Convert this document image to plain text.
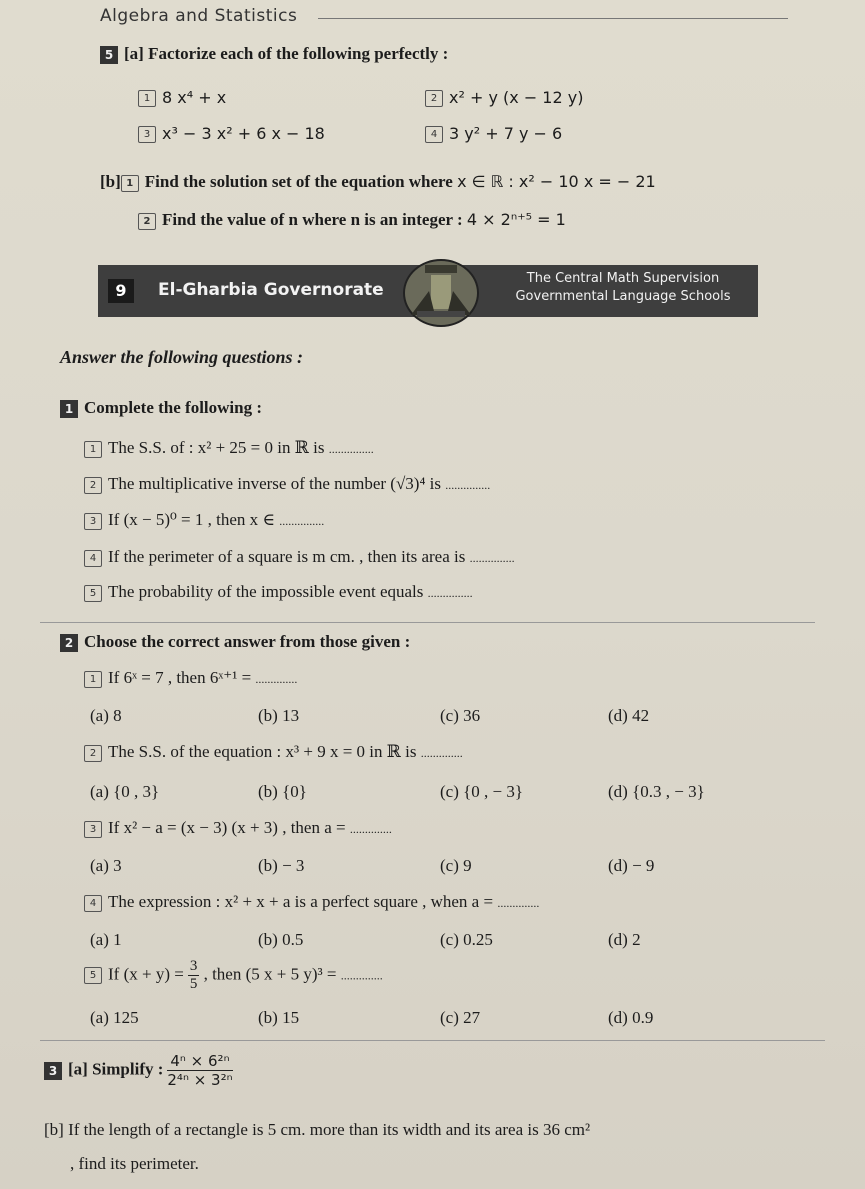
Algebra and Statistics
5 [a] Factorize each of the following perfectly :
1 8 x⁴ + x	2 x² + y (x − 12 y)
3 x³ − 3 x² + 6 x − 18	4 3 y² + 7 y − 6
[b] 1 Find the solution set of the equation where x ∈ ℝ : x² − 10 x = − 21
2 Find the value of n where n is an integer : 4 × 2ⁿ⁺⁵ = 1
9	El-Gharbia Governorate
The Central Math Supervision
Governmental Language Schools
Answer the following questions :
1 Complete the following :
1 The S.S. of : x² + 25 = 0 in ℝ is ...............
2 The multiplicative inverse of the number (√3)⁴ is ...............
3 If (x − 5)⁰ = 1 , then x ∈ ...............
4 If the perimeter of a square is m cm. , then its area is ...............
5 The probability of the impossible event equals ...............
2 Choose the correct answer from those given :
1 If 6ˣ = 7 , then 6ˣ⁺¹ = ..............
(a) 8	(b) 13	(c) 36	(d) 42
2 The S.S. of the equation : x³ + 9 x = 0 in ℝ is ..............
(a) {0 , 3}	(b) {0}	(c) {0 , − 3}	(d) {0.3 , − 3}
3 If x² − a = (x − 3) (x + 3) , then a = ..............
(a) 3	(b) − 3	(c) 9	(d) − 9
4 The expression : x² + x + a is a perfect square , when a = ..............
(a) 1	(b) 0.5	(c) 0.25	(d) 2
5 If $(x + y) = \frac{3}{5}$ , then (5 x + 5 y)³ = ..............
(a) 125	(b) 15	(c) 27	(d) 0.9
3 [a] Simplify : $\frac{\text{4ⁿ × 6²ⁿ}}{\text{2⁴ⁿ × 3²ⁿ}}$
[b] If the length of a rectangle is 5 cm. more than its width and its area is 36 cm²
, find its perimeter.
